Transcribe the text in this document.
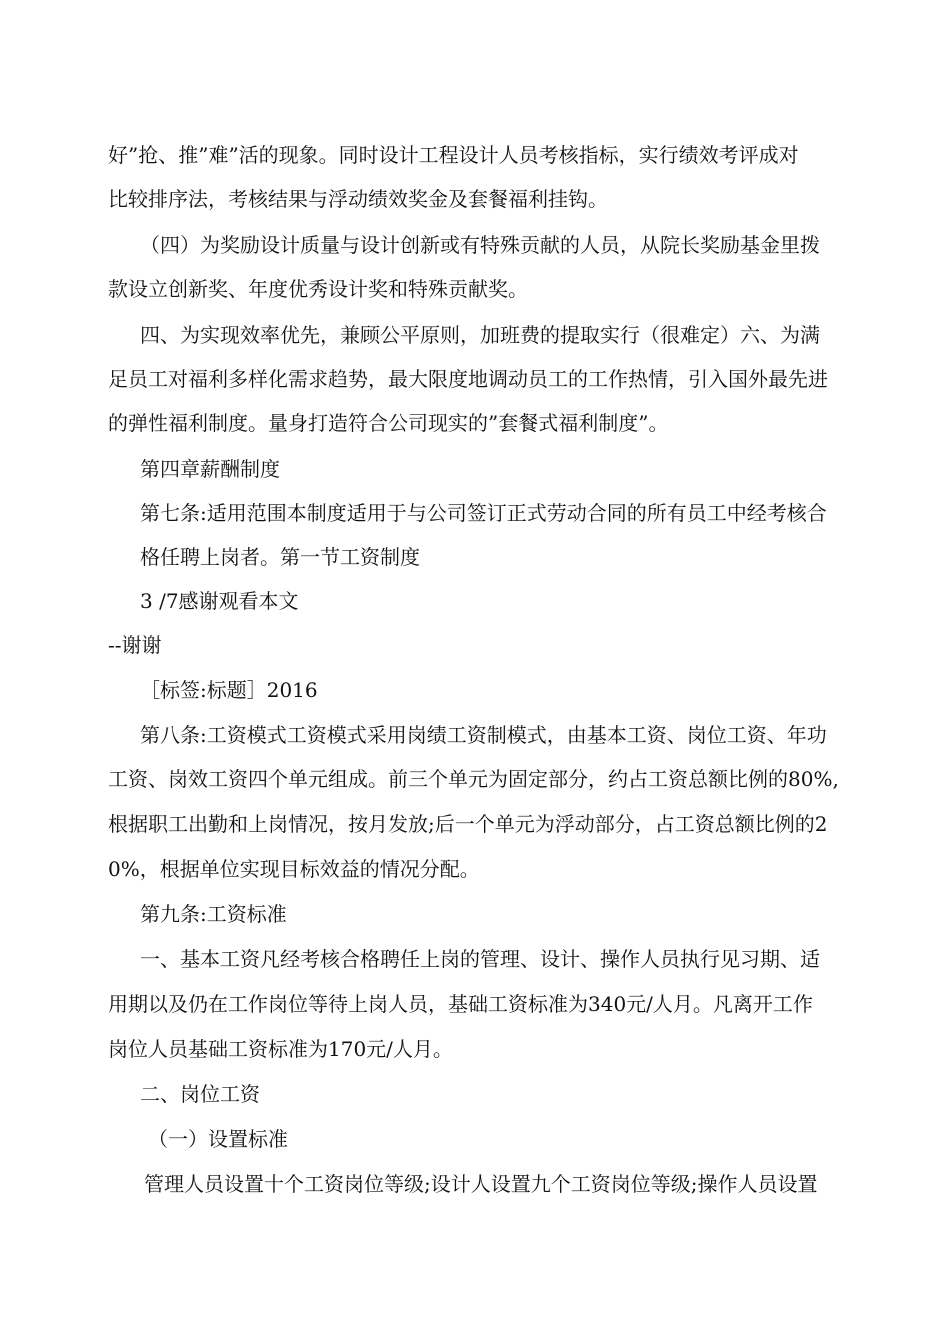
好”抢、推”难”活的现象。同时设计工程设计人员考核指标，实行绩效考评成对
比较排序法，考核结果与浮动绩效奖金及套餐福利挂钩。
（四）为奖励设计质量与设计创新或有特殊贡献的人员，从院长奖励基金里拨
款设立创新奖、年度优秀设计奖和特殊贡献奖。
四、为实现效率优先，兼顾公平原则，加班费的提取实行（很难定）六、为满
足员工对福利多样化需求趋势，最大限度地调动员工的工作热情，引入国外最先进
的弹性福利制度。量身打造符合公司现实的”套餐式福利制度”。
第四章薪酬制度
第七条:适用范围本制度适用于与公司签订正式劳动合同的所有员工中经考核合
格任聘上岗者。第一节工资制度
3 /7感谢观看本文
--谢谢
［标签:标题］2016
第八条:工资模式工资模式采用岗绩工资制模式，由基本工资、岗位工资、年功
工资、岗效工资四个单元组成。前三个单元为固定部分，约占工资总额比例的80%,
根据职工出勤和上岗情况，按月发放;后一个单元为浮动部分，占工资总额比例的2
0%，根据单位实现目标效益的情况分配。
第九条:工资标准
一、基本工资凡经考核合格聘任上岗的管理、设计、操作人员执行见习期、适
用期以及仍在工作岗位等待上岗人员，基础工资标准为340元/人月。凡离开工作
岗位人员基础工资标准为170元/人月。
二、岗位工资
（一）设置标准
管理人员设置十个工资岗位等级;设计人设置九个工资岗位等级;操作人员设置
